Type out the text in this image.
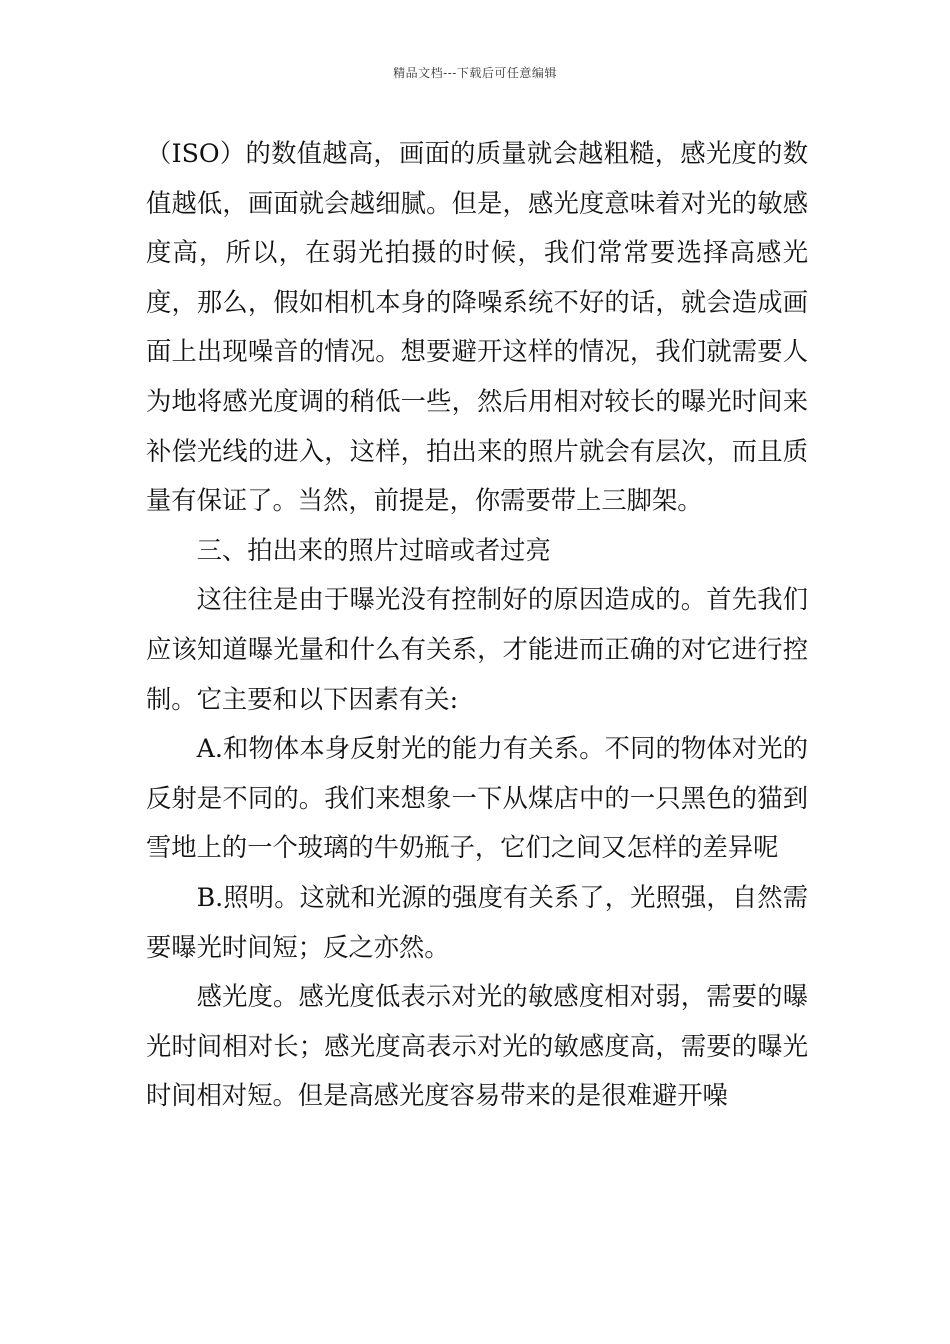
精品文档---下载后可任意编辑

（ISO）的数值越高，画面的质量就会越粗糙，感光度的数值越低，画面就会越细腻。但是，感光度意味着对光的敏感度高，所以，在弱光拍摄的时候，我们常常要选择高感光度，那么，假如相机本身的降噪系统不好的话，就会造成画面上出现噪音的情况。想要避开这样的情况，我们就需要人为地将感光度调的稍低一些，然后用相对较长的曝光时间来补偿光线的进入，这样，拍出来的照片就会有层次，而且质量有保证了。当然，前提是，你需要带上三脚架。

三、拍出来的照片过暗或者过亮

这往往是由于曝光没有控制好的原因造成的。首先我们应该知道曝光量和什么有关系，才能进而正确的对它进行控制。它主要和以下因素有关:

A.和物体本身反射光的能力有关系。不同的物体对光的反射是不同的。我们来想象一下从煤店中的一只黑色的猫到雪地上的一个玻璃的牛奶瓶子，它们之间又怎样的差异呢

B.照明。这就和光源的强度有关系了，光照强，自然需要曝光时间短；反之亦然。

感光度。感光度低表示对光的敏感度相对弱，需要的曝光时间相对长；感光度高表示对光的敏感度高，需要的曝光时间相对短。但是高感光度容易带来的是很难避开噪
